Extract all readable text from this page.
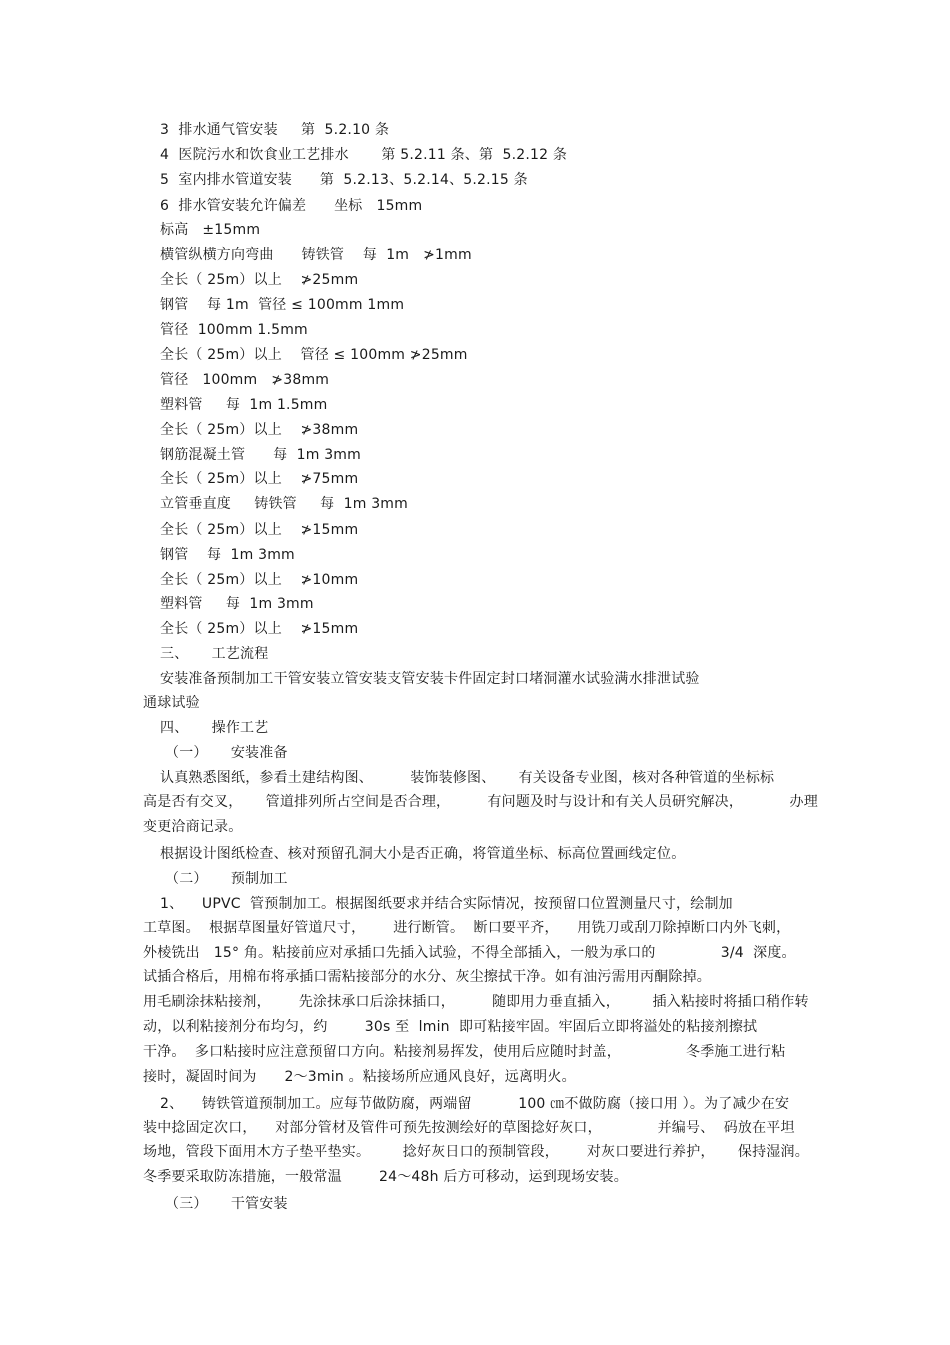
3  排水通气管安装     第  5.2.10 条
4  医院污水和饮食业工艺排水       第 5.2.11 条、第  5.2.12 条
5  室内排水管道安装      第  5.2.13、5.2.14、5.2.15 条
6  排水管安装允许偏差      坐标   15mm
标高   ±15mm
横管纵横方向弯曲      铸铁管    每  1m   ≯1mm
全长（ 25m）以上    ≯25mm
钢管    每 1m  管径 ≤ 100mm 1mm
管径  100mm 1.5mm
全长（ 25m）以上    管径 ≤ 100mm ≯25mm
管径   100mm   ≯38mm
塑料管     每  1m 1.5mm
全长（ 25m）以上    ≯38mm
钢筋混凝土管      每  1m 3mm
全长（ 25m）以上    ≯75mm
立管垂直度     铸铁管     每  1m 3mm
全长（ 25m）以上    ≯15mm
钢管    每  1m 3mm
全长（ 25m）以上    ≯10mm
塑料管     每  1m 3mm
全长（ 25m）以上    ≯15mm
三、     工艺流程
安装准备预制加工干管安装立管安装支管安装卡件固定封口堵洞灌水试验满水排泄试验
通球试验
四、     操作工艺
（一）     安装准备
认真熟悉图纸，参看土建结构图、        装饰装修图、     有关设备专业图，核对各种管道的坐标标
高是否有交叉，     管道排列所占空间是否合理，        有问题及时与设计和有关人员研究解决，          办理
变更洽商记录。
根据设计图纸检查、核对预留孔洞大小是否正确，将管道坐标、标高位置画线定位。
（二）     预制加工
1、    UPVC  管预制加工。根据图纸要求并结合实际情况，按预留口位置测量尺寸，绘制加
工草图。  根据草图量好管道尺寸，      进行断管。  断口要平齐，    用铣刀或刮刀除掉断口内外飞刺，
外棱铣出   15° 角。粘接前应对承插口先插入试验，不得全部插入，一般为承口的              3/4  深度。
试插合格后，用棉布将承插口需粘接部分的水分、灰尘擦拭干净。如有油污需用丙酮除掉。
用毛刷涂抹粘接剂，      先涂抹承口后涂抹插口，        随即用力垂直插入，       插入粘接时将插口稍作转
动，以利粘接剂分布均匀，约        30s 至  lmin  即可粘接牢固。牢固后立即将溢处的粘接剂擦拭
干净。  多口粘接时应注意预留口方向。粘接剂易挥发，使用后应随时封盖，              冬季施工进行粘
接时，凝固时间为      2～3min 。粘接场所应通风良好，远离明火。
2、    铸铁管道预制加工。应每节做防腐，两端留          100 ㎝不做防腐（接口用 ）。为了减少在安
装中捻固定次口，    对部分管材及管件可预先按测绘好的草图捻好灰口，            并编号、  码放在平坦
场地，管段下面用木方子垫平垫实。       捻好灰日口的预制管段，      对灰口要进行养护，     保持湿润。
冬季要采取防冻措施，一般常温        24～48h 后方可移动，运到现场安装。
（三）     干管安装
